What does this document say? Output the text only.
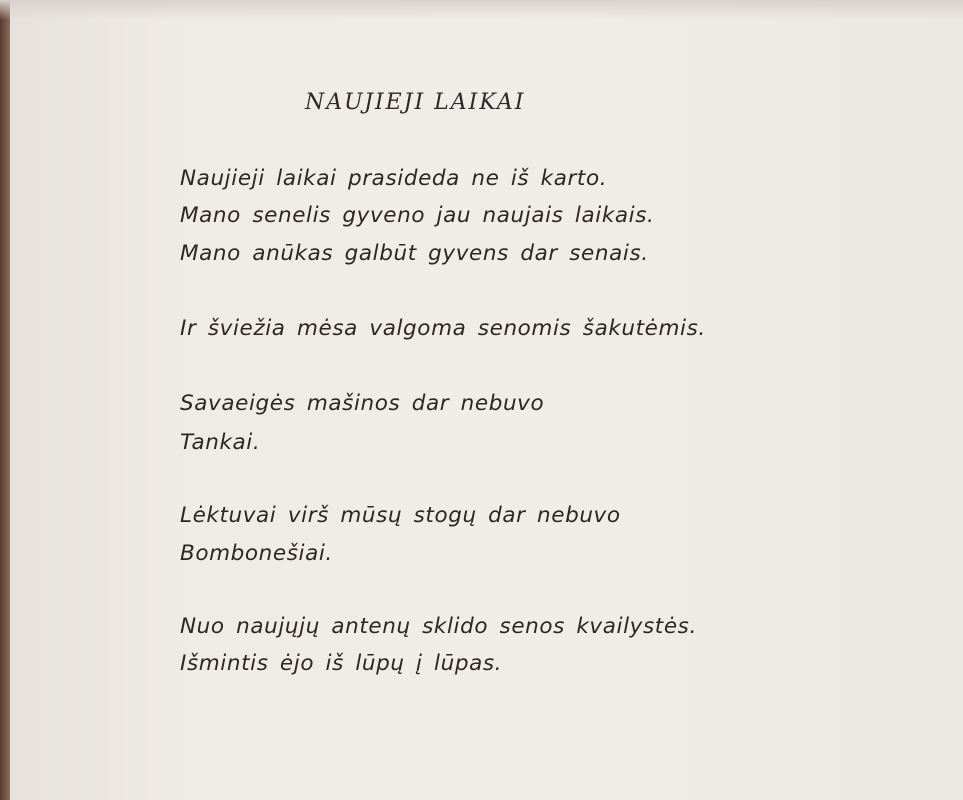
NAUJIEJI LAIKAI
Naujieji laikai prasideda ne iš karto.
Mano senelis gyveno jau naujais laikais.
Mano anūkas galbūt gyvens dar senais.
Ir šviežia mėsa valgoma senomis šakutėmis.
Savaeigės mašinos dar nebuvo
Tankai.
Lėktuvai virš mūsų stogų dar nebuvo
Bombonešiai.
Nuo naujųjų antenų sklido senos kvailystės.
Išmintis ėjo iš lūpų į lūpas.
